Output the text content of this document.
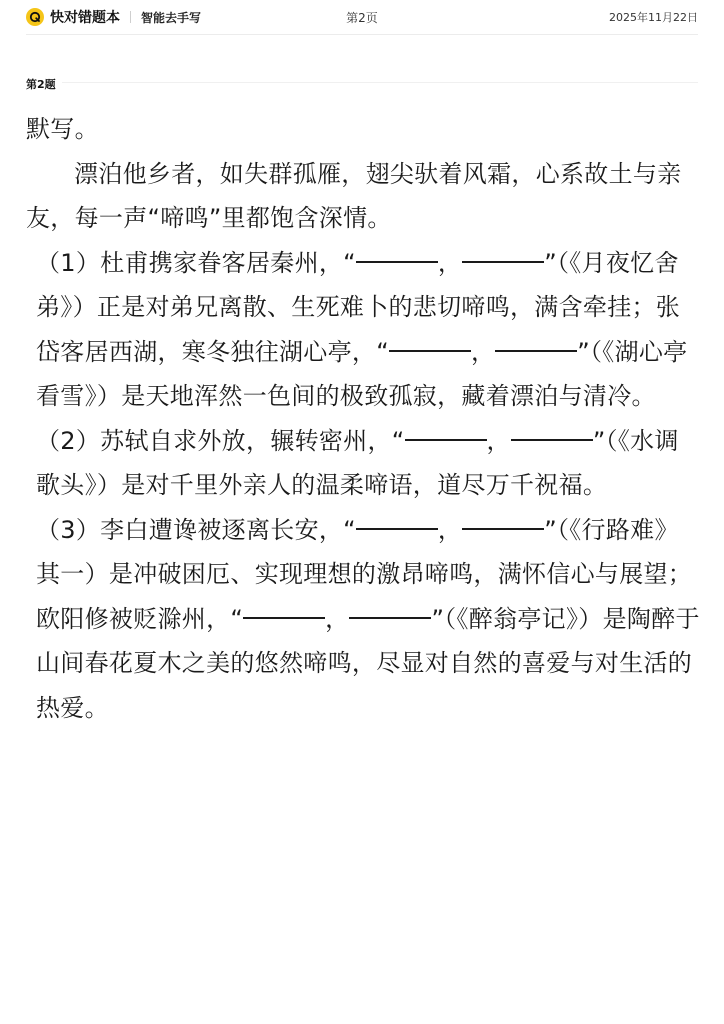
快对错题本 智能去手写	第2页	2025年11月22日
第2题

默写。

漂泊他乡者，如失群孤雁，翅尖驮着风霜，心系故土与亲友，每一声“啼鸣”里都饱含深情。

（1）杜甫携家眷客居秦州，“	，	”（《月夜忆舍弟》）正是对弟兄离散、生死难卜的悲切啼鸣，满含牵挂；张岱客居西湖，寒冬独往湖心亭，“	，	”（《湖心亭看雪》）是天地浑然一色间的极致孤寂，藏着漂泊与清冷。

（2）苏轼自求外放，辗转密州，“	，	”（《水调歌头》）是对千里外亲人的温柔啼语，道尽万千祝福。

（3）李白遭谗被逐离长安，“	，	”（《行路难》其一）是冲破困厄、实现理想的激昂啼鸣，满怀信心与展望；欧阳修被贬滁州，“	，	”（《醉翁亭记》）是陶醉于山间春花夏木之美的悠然啼鸣，尽显对自然的喜爱与对生活的热爱。
